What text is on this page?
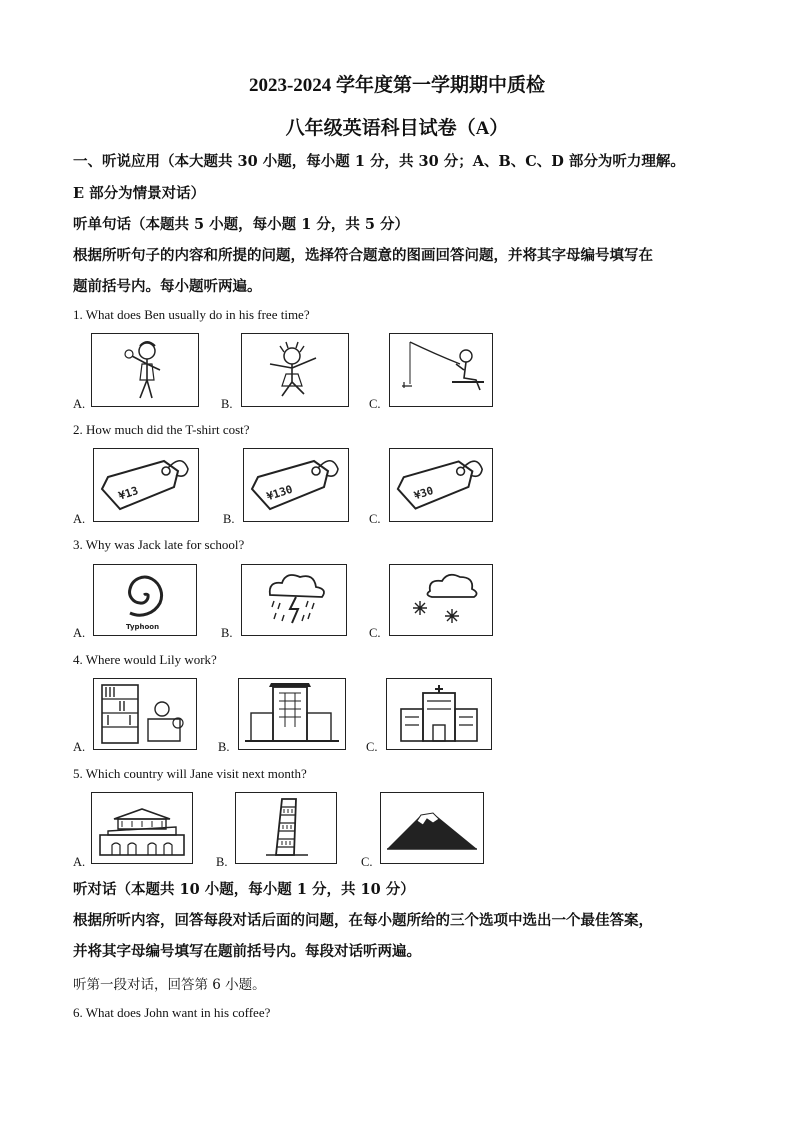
2023-2024 学年度第一学期期中质检
八年级英语科目试卷（A）
一、听说应用（本大题共 30 小题，每小题 1 分，共 30 分；A、B、C、D 部分为听力理解。
E 部分为情景对话）
听单句话（本题共 5 小题，每小题 1 分，共 5 分）
根据所听句子的内容和所提的问题，选择符合题意的图画回答问题，并将其字母编号填写在
题前括号内。每小题听两遍。
1. What does Ben usually do in his free time?
A.	B.	C.
2. How much did the T-shirt cost?
A.	B.	C.
¥13	¥130	¥30
3. Why was Jack late for school?
A.	B.	C.
Typhoon
4. Where would Lily work?
A.	B.	C.
5. Which country will Jane visit next month?
A.	B.	C.
听对话（本题共 10 小题，每小题 1 分，共 10 分）
根据所听内容，回答每段对话后面的问题，在每小题所给的三个选项中选出一个最佳答案，
并将其字母编号填写在题前括号内。每段对话听两遍。
听第一段对话，回答第 6 小题。
6. What does John want in his coffee?
